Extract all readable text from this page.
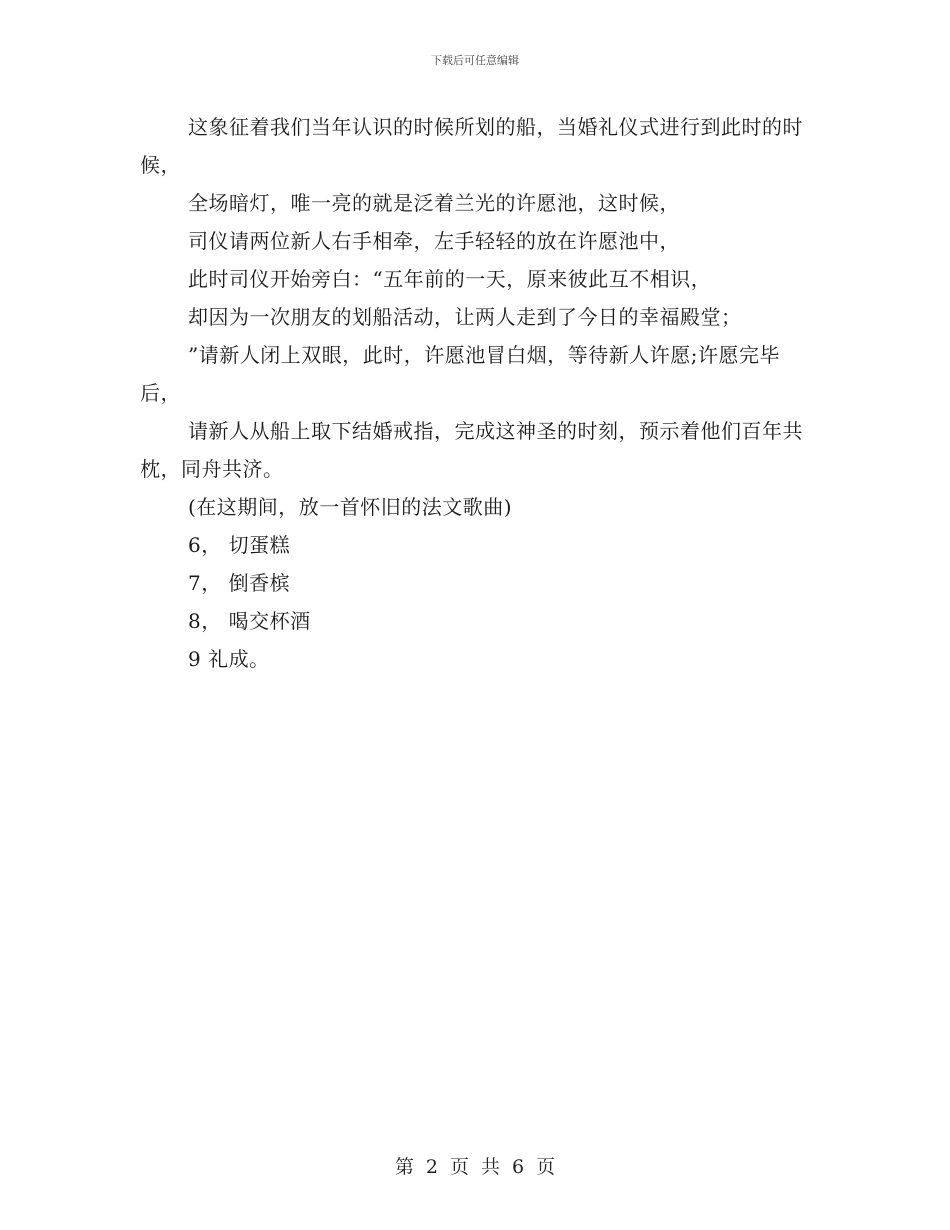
下载后可任意编辑

这象征着我们当年认识的时候所划的船，当婚礼仪式进行到此时的时候，

全场暗灯，唯一亮的就是泛着兰光的许愿池，这时候，

司仪请两位新人右手相牵，左手轻轻的放在许愿池中，

此时司仪开始旁白：“五年前的一天，原来彼此互不相识，

却因为一次朋友的划船活动，让两人走到了今日的幸福殿堂；

”请新人闭上双眼，此时，许愿池冒白烟，等待新人许愿;许愿完毕后，

请新人从船上取下结婚戒指，完成这神圣的时刻，预示着他们百年共枕，同舟共济。

(在这期间，放一首怀旧的法文歌曲)

6， 切蛋糕

7， 倒香槟

8， 喝交杯酒

9 礼成。

第 2 页 共 6 页
